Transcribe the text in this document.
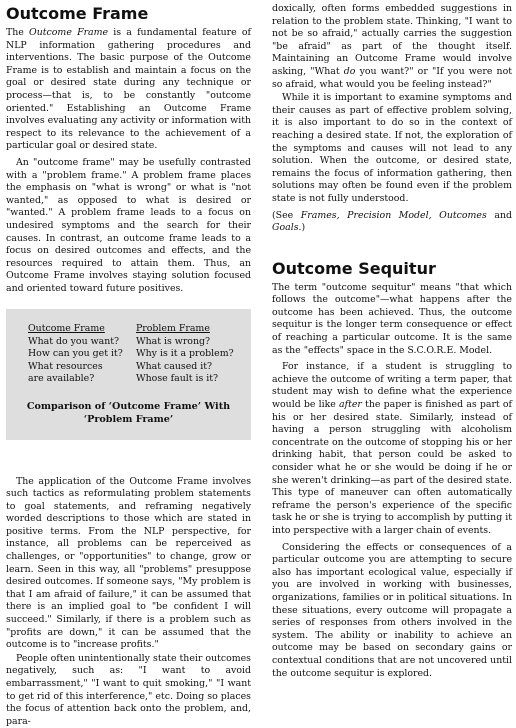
Outcome Frame

The Outcome Frame is a fundamental feature of NLP information gathering procedures and interventions. The basic purpose of the Outcome Frame is to establish and maintain a focus on the goal or desired state during any technique or process—that is, to be constantly "outcome oriented." Establishing an Outcome Frame involves evaluating any activity or information with respect to its relevance to the achievement of a particular goal or desired state.

An "outcome frame" may be usefully contrasted with a "problem frame." A problem frame places the emphasis on "what is wrong" or what is "not wanted," as opposed to what is desired or "wanted." A problem frame leads to a focus on undesired symptoms and the search for their causes. In contrast, an outcome frame leads to a focus on desired outcomes and effects, and the resources required to attain them. Thus, an Outcome Frame involves staying solution focused and oriented toward future positives.

Outcome Frame	Problem Frame
What do you want?	What is wrong?
How can you get it?	Why is it a problem?
What resources	What caused it?
are available?	Whose fault is it?
Comparison of ‘Outcome Frame’ With
‘Problem Frame’

The application of the Outcome Frame involves such tactics as reformulating problem statements to goal statements, and reframing negatively worded descriptions to those which are stated in positive terms. From the NLP perspective, for instance, all problems can be reperceived as challenges, or "opportunities" to change, grow or learn. Seen in this way, all "problems" presuppose desired outcomes. If someone says, "My problem is that I am afraid of failure," it can be assumed that there is an implied goal to "be confident I will succeed." Similarly, if there is a problem such as "profits are down," it can be assumed that the outcome is to "increase profits."

People often unintentionally state their outcomes negatively, such as: "I want to avoid embarrassment," "I want to quit smoking," "I want to get rid of this interference," etc. Doing so places the focus of attention back onto the problem, and, para-

doxically, often forms embedded suggestions in relation to the problem state. Thinking, "I want to not be so afraid," actually carries the suggestion "be afraid" as part of the thought itself. Maintaining an Outcome Frame would involve asking, "What do you want?" or "If you were not so afraid, what would you be feeling instead?"

While it is important to examine symptoms and their causes as part of effective problem solving, it is also important to do so in the context of reaching a desired state. If not, the exploration of the symptoms and causes will not lead to any solution. When the outcome, or desired state, remains the focus of information gathering, then solutions may often be found even if the problem state is not fully understood.

(See Frames, Precision Model, Outcomes and Goals.)

Outcome Sequitur

The term "outcome sequitur" means "that which follows the outcome"—what happens after the outcome has been achieved. Thus, the outcome sequitur is the longer term consequence or effect of reaching a particular outcome. It is the same as the "effects" space in the S.C.O.R.E. Model.

For instance, if a student is struggling to achieve the outcome of writing a term paper, that student may wish to define what the experience would be like after the paper is finished as part of his or her desired state. Similarly, instead of having a person struggling with alcoholism concentrate on the outcome of stopping his or her drinking habit, that person could be asked to consider what he or she would be doing if he or she weren't drinking—as part of the desired state. This type of maneuver can often automatically reframe the person's experience of the specific task he or she is trying to accomplish by putting it into perspective with a larger chain of events.

Considering the effects or consequences of a particular outcome you are attempting to secure also has important ecological value, especially if you are involved in working with businesses, organizations, families or in political situations. In these situations, every outcome will propagate a series of responses from others involved in the system. The ability or inability to achieve an outcome may be based on secondary gains or contextual conditions that are not uncovered until the outcome sequitur is explored.
